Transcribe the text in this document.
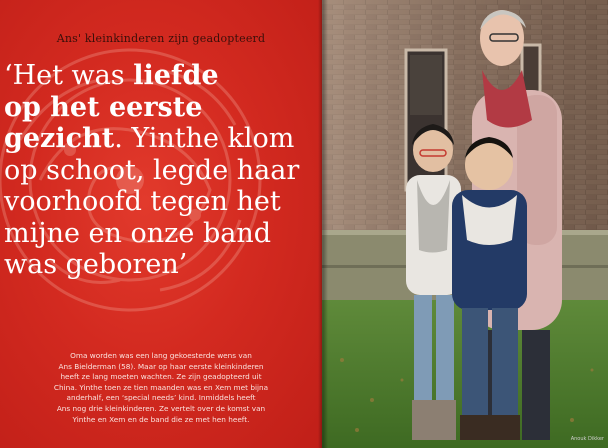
Ans' kleinkinderen zijn geadopteerd
‘Het was liefde
op het eerste
gezicht. Yinthe klom
op schoot, legde haar
voorhoofd tegen het
mijne en onze band
was geboren’
Oma worden was een lang gekoesterde wens van
Ans Bielderman (58). Maar op haar eerste kleinkinderen
heeft ze lang moeten wachten. Ze zijn geadopteerd uit
China. Yinthe toen ze tien maanden was en Xem met bijna
anderhalf, een ‘special needs’ kind. Inmiddels heeft
Ans nog drie kleinkinderen. Ze vertelt over de komst van
Yinthe en Xem en de band die ze met hen heeft.
Anouk Dikker
